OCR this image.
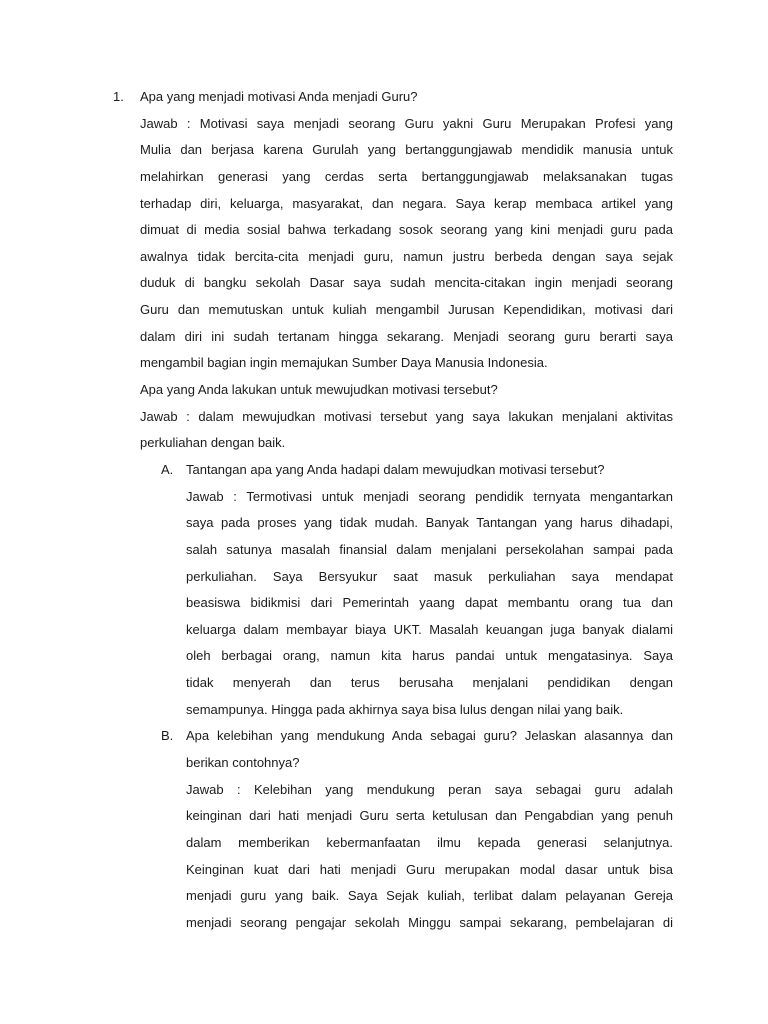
1. Apa yang menjadi motivasi Anda menjadi Guru?
Jawab : Motivasi saya menjadi seorang Guru yakni Guru Merupakan Profesi yang
Mulia dan berjasa karena Gurulah yang bertanggungjawab mendidik manusia untuk
melahirkan generasi yang cerdas serta bertanggungjawab melaksanakan tugas
terhadap diri, keluarga, masyarakat, dan negara. Saya kerap membaca artikel yang
dimuat di media sosial bahwa terkadang sosok seorang yang kini menjadi guru pada
awalnya tidak bercita-cita menjadi guru, namun justru berbeda dengan saya sejak
duduk di bangku sekolah Dasar saya sudah mencita-citakan ingin menjadi seorang
Guru dan memutuskan untuk kuliah mengambil Jurusan Kependidikan, motivasi dari
dalam diri ini sudah tertanam hingga sekarang. Menjadi seorang guru berarti saya
mengambil bagian ingin memajukan Sumber Daya Manusia Indonesia.
Apa yang Anda lakukan untuk mewujudkan motivasi tersebut?
Jawab : dalam mewujudkan motivasi tersebut yang saya lakukan menjalani aktivitas
perkuliahan dengan baik.
A. Tantangan apa yang Anda hadapi dalam mewujudkan motivasi tersebut?
Jawab : Termotivasi untuk menjadi seorang pendidik ternyata mengantarkan
saya pada proses yang tidak mudah. Banyak Tantangan yang harus dihadapi,
salah satunya masalah finansial dalam menjalani persekolahan sampai pada
perkuliahan. Saya Bersyukur saat masuk perkuliahan saya mendapat
beasiswa bidikmisi dari Pemerintah yaang dapat membantu orang tua dan
keluarga dalam membayar biaya UKT. Masalah keuangan juga banyak dialami
oleh berbagai orang, namun kita harus pandai untuk mengatasinya. Saya
tidak menyerah dan terus berusaha menjalani pendidikan dengan
semampunya. Hingga pada akhirnya saya bisa lulus dengan nilai yang baik.
B. Apa kelebihan yang mendukung Anda sebagai guru? Jelaskan alasannya dan
berikan contohnya?
Jawab : Kelebihan yang mendukung peran saya sebagai guru adalah
keinginan dari hati menjadi Guru serta ketulusan dan Pengabdian yang penuh
dalam memberikan kebermanfaatan ilmu kepada generasi selanjutnya.
Keinginan kuat dari hati menjadi Guru merupakan modal dasar untuk bisa
menjadi guru yang baik. Saya Sejak kuliah, terlibat dalam pelayanan Gereja
menjadi seorang pengajar sekolah Minggu sampai sekarang, pembelajaran di
